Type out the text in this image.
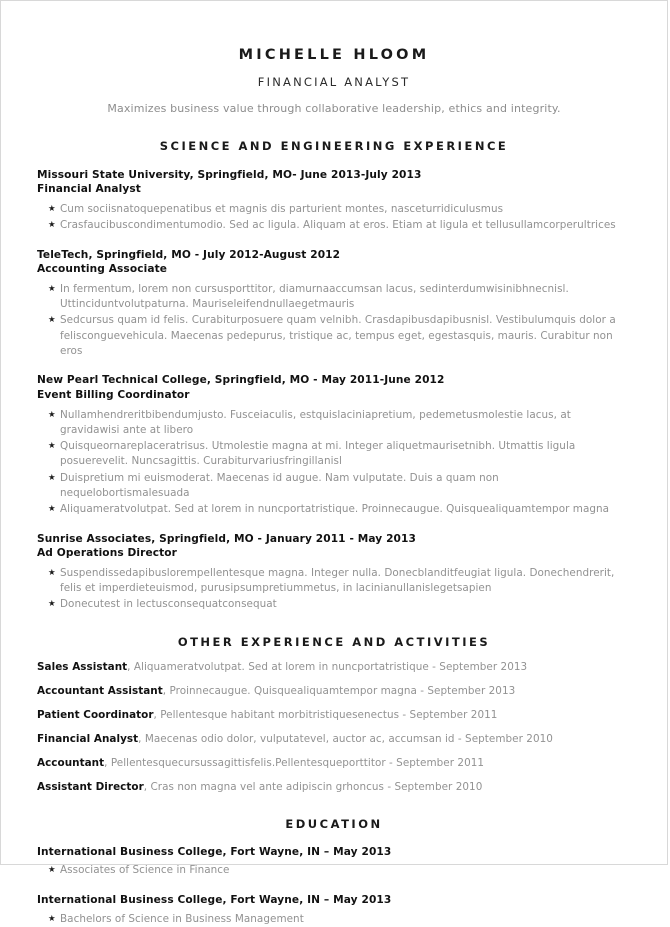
MICHELLE HLOOM
FINANCIAL ANALYST
Maximizes business value through collaborative leadership, ethics and integrity.
SCIENCE AND ENGINEERING EXPERIENCE
Missouri State University, Springfield, MO- June 2013-July 2013
Financial Analyst
★ Cum sociisnatoquepenatibus et magnis dis parturient montes, nasceturridiculusmus
★ Crasfaucibuscondimentumodio. Sed ac ligula. Aliquam at eros. Etiam at ligula et tellusullamcorperultrices
TeleTech, Springfield, MO - July 2012-August 2012
Accounting Associate
★ In fermentum, lorem non cursusporttitor, diamurnaaccumsan lacus, sedinterdumwisinibhnecnisl. Uttinciduntvolutpaturna. Mauriseleifendnullaegetmauris
★ Sedcursus quam id felis. Curabiturposuere quam velnibh. Crasdapibusdapibusnisl. Vestibulumquis dolor a feliscongue​vehicula. Maecenas pedepurus, tristique ac, tempus eget, egestasquis, mauris. Curabitur non eros
New Pearl Technical College, Springfield, MO - May 2011-June 2012
Event Billing Coordinator
★ Nullamhendreritbibendumjusto. Fusceiaculis, estquislaciniapretium, pedemetusmolestie lacus, at gravidawisi ante at libero
★ Quisqueornareplaceratrisus. Utmolestie magna at mi. Integer aliquetmaurisetnibh. Utmattis ligula posuerevelit. Nuncsagittis. Curabiturvariusfringillanisl
★ Duispretium mi euismoderat. Maecenas id augue. Nam vulputate. Duis a quam non nequelobortismalesuada
★ Aliquameratvolutpat. Sed at lorem in nuncportatristique. Proinnecaugue. Quisquealiquamtempor magna
Sunrise Associates, Springfield, MO - January 2011 - May 2013
Ad Operations Director
★ Suspendissedapibuslorempellentesque magna. Integer nulla. Donecblanditfeugiat ligula. Donechendrerit, felis et imperdieteuismod, purusipsumpretiummetus, in lacinianullanislegetsapien
★ Donecutest in lectusconsequatconsequat
OTHER EXPERIENCE AND ACTIVITIES
Sales Assistant, Aliquameratvolutpat. Sed at lorem in nuncportatristique - September 2013
Accountant Assistant, Proinnecaugue. Quisquealiquamtempor magna - September 2013
Patient Coordinator, Pellentesque habitant morbitristiquesenectus - September 2011
Financial Analyst, Maecenas odio dolor, vulputatevel, auctor ac, accumsan id - September 2010
Accountant, Pellentesquecursussagittisfelis.Pellentesqueporttitor - September 2011
Assistant Director, Cras non magna vel ante adipiscin grhoncus - September 2010
EDUCATION
International Business College, Fort Wayne, IN – May 2013
★ Associates of Science in Finance
International Business College, Fort Wayne, IN – May 2013
★ Bachelors of Science in Business Management
